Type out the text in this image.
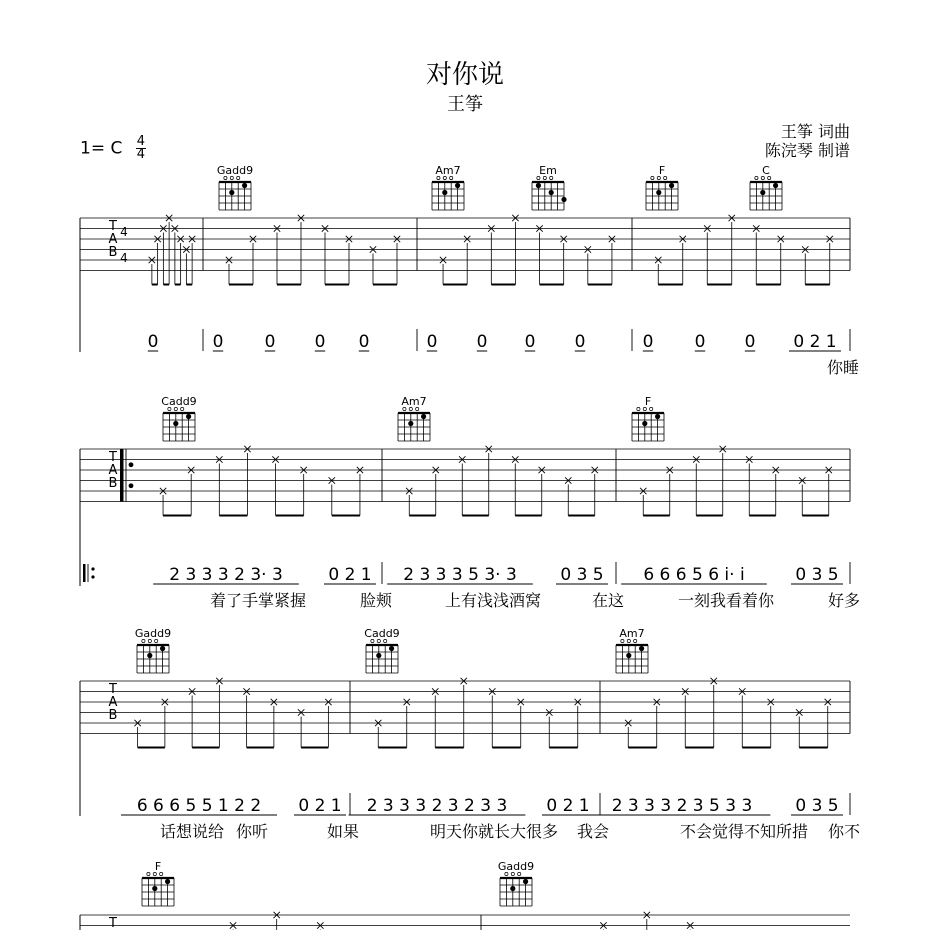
对你说
王筝
1= C $\frac{4}{4}$
王筝 词曲
陈浣琴 制谱
T
A
B
4
4
Gadd9	Am7	Em	F	C
0	0 0 0 0	0 0 0 0	0 0 0 0 2 1
你睡
T
A
B
Cadd9	Am7	F
2 3 3 3 2 3· 3	0 2 1 2 3 3 3 5 3· 3	0 3 5 6 6 6 5 6 i· i	0 3 5
着了手掌紧握	脸颊	上有浅浅酒窝	在这	一刻我看着你	好多
T
A
B
Gadd9	Cadd9	Am7
6 6 6 5 5 1 2 2 0 2 1 2 3 3 3 2 3 2 3 3 0 2 1 2 3 3 3 2 3 5 3 3	0 3 5
话想说给 你听	如果	明天你就长大很多 我会	不会觉得不知所措 你不
T
F	Gadd9
